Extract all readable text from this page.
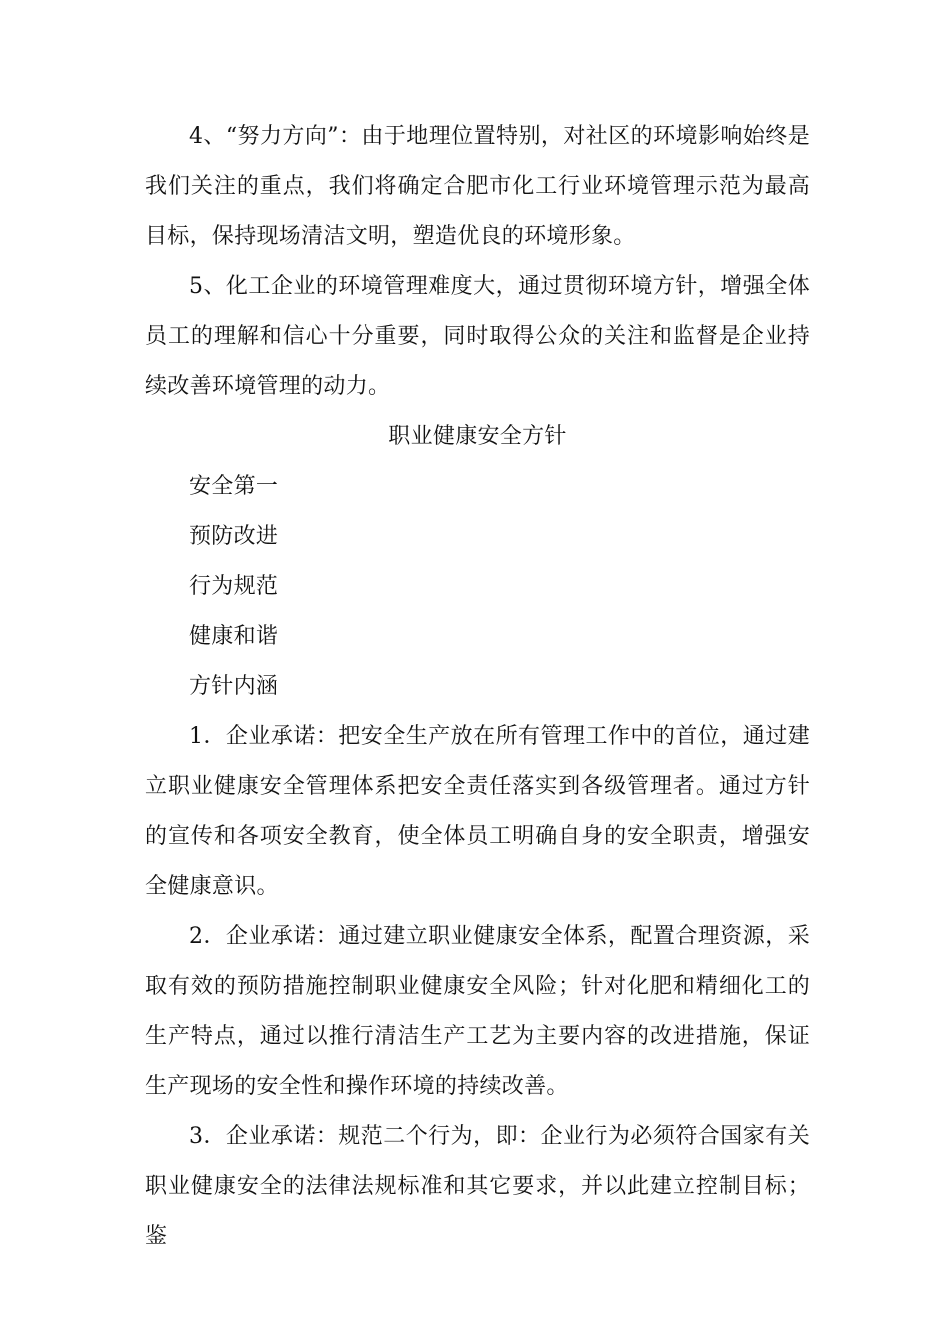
4、“努力方向”：由于地理位置特别，对社区的环境影响始终是我们关注的重点，我们将确定合肥市化工行业环境管理示范为最高目标，保持现场清洁文明，塑造优良的环境形象。

5、化工企业的环境管理难度大，通过贯彻环境方针，增强全体员工的理解和信心十分重要，同时取得公众的关注和监督是企业持续改善环境管理的动力。

职业健康安全方针

安全第一

预防改进

行为规范

健康和谐

方针内涵

1．企业承诺：把安全生产放在所有管理工作中的首位，通过建立职业健康安全管理体系把安全责任落实到各级管理者。通过方针的宣传和各项安全教育，使全体员工明确自身的安全职责，增强安全健康意识。

2．企业承诺：通过建立职业健康安全体系，配置合理资源，采取有效的预防措施控制职业健康安全风险；针对化肥和精细化工的生产特点，通过以推行清洁生产工艺为主要内容的改进措施，保证生产现场的安全性和操作环境的持续改善。

3．企业承诺：规范二个行为，即：企业行为必须符合国家有关职业健康安全的法律法规标准和其它要求，并以此建立控制目标；鉴
